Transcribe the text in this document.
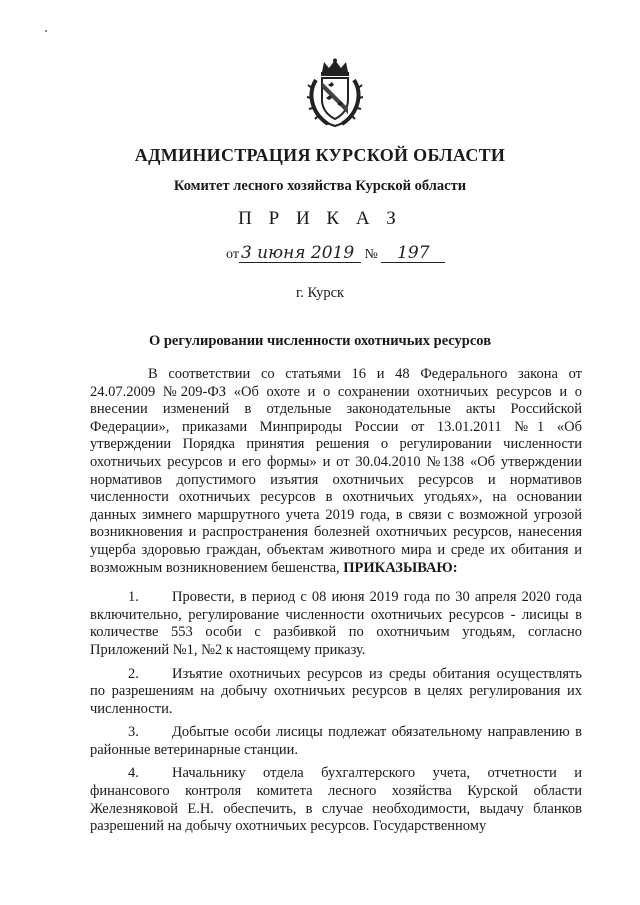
АДМИНИСТРАЦИЯ КУРСКОЙ ОБЛАСТИ
Комитет лесного хозяйства Курской области
П Р И К А З
от 3 июня 2019 № 197
г. Курск
О регулировании численности охотничьих ресурсов

В соответствии со статьями 16 и 48 Федерального закона от 24.07.2009 №209-ФЗ «Об охоте и о сохранении охотничьих ресурсов и о внесении изменений в отдельные законодательные акты Российской Федерации», приказами Минприроды России от 13.01.2011 №1 «Об утверждении Порядка принятия решения о регулировании численности охотничьих ресурсов и его формы» и от 30.04.2010 №138 «Об утверждении нормативов допустимого изъятия охотничьих ресурсов и нормативов численности охотничьих ресурсов в охотничьих угодьях», на основании данных зимнего маршрутного учета 2019 года, в связи с возможной угрозой возникновения и распространения болезней охотничьих ресурсов, нанесения ущерба здоровью граждан, объектам животного мира и среде их обитания и возможным возникновением бешенства, ПРИКАЗЫВАЮ:

1. Провести, в период с 08 июня 2019 года по 30 апреля 2020 года включительно, регулирование численности охотничьих ресурсов - лисицы в количестве 553 особи с разбивкой по охотничьим угодьям, согласно Приложений №1, №2 к настоящему приказу.

2. Изъятие охотничьих ресурсов из среды обитания осуществлять по разрешениям на добычу охотничьих ресурсов в целях регулирования их численности.

3. Добытые особи лисицы подлежат обязательному направлению в районные ветеринарные станции.

4. Начальнику отдела бухгалтерского учета, отчетности и финансового контроля комитета лесного хозяйства Курской области Железняковой Е.Н. обеспечить, в случае необходимости, выдачу бланков разрешений на добычу охотничьих ресурсов. Государственному
